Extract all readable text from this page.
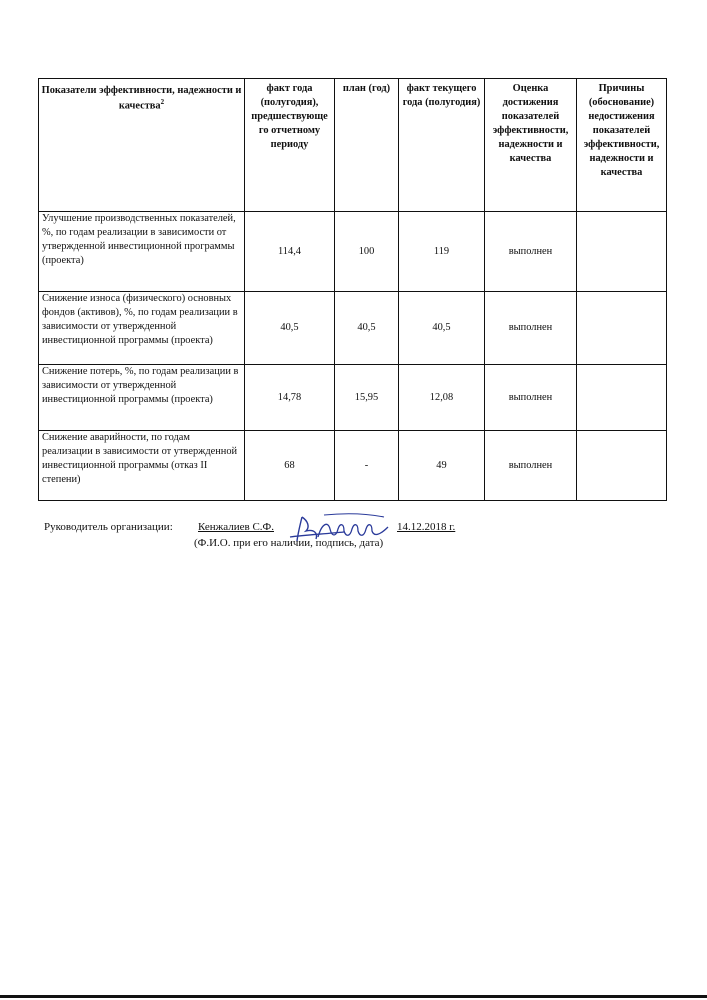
Показатели эффективности, надежности и качества$^2$	факт года (полугодия), предшествующе го отчетному периоду	план (год)	факт текущего года (полугодия)	Оценка достижения показателей эффективности, надежности и качества	Причины (обоснование) недостижения показателей эффективности, надежности и качества
Улучшение производственных показателей, %, по годам реализации в зависимости от утвержденной инвестиционной программы (проекта)	114,4	100	119	выполнен	
Снижение износа (физического) основных фондов (активов), %, по годам реализации в зависимости от утвержденной инвестиционной программы (проекта)	40,5	40,5	40,5	выполнен	
Снижение потерь, %, по годам реализации в зависимости от утвержденной инвестиционной программы (проекта)	14,78	15,95	12,08	выполнен	
Снижение аварийности, по годам реализации в зависимости от утвержденной инвестиционной программы (отказ II степени)	68	-	49	выполнен	
Руководитель организации: Кенжалиев С.Ф.	14.12.2018 г.
(Ф.И.О. при его наличии, подпись, дата)
